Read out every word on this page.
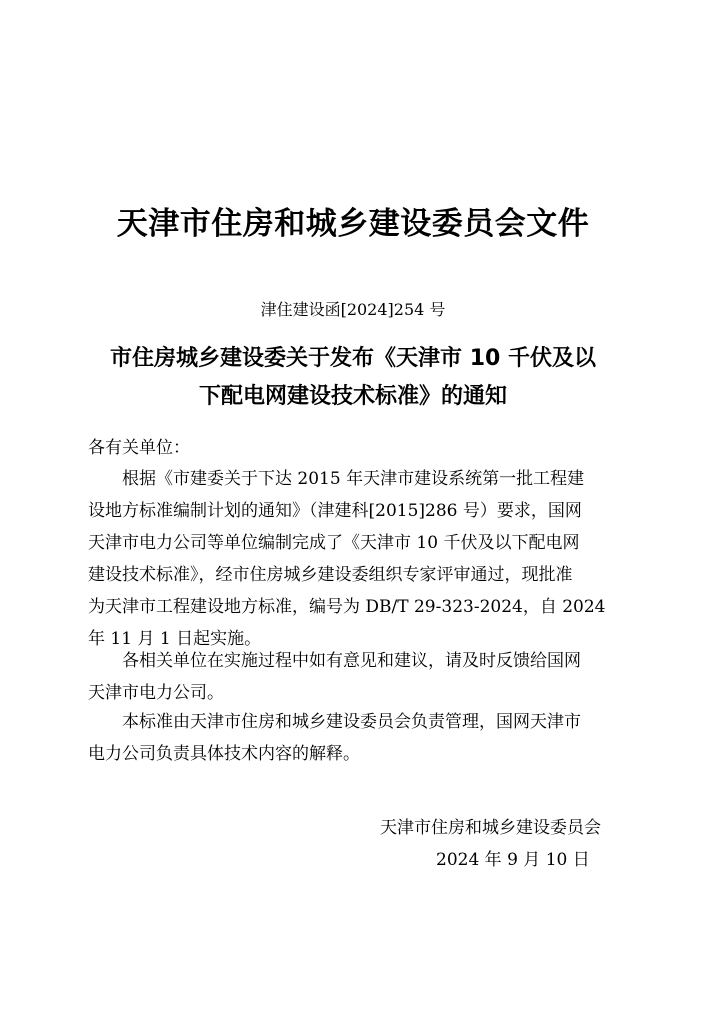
天津市住房和城乡建设委员会文件
津住建设函[2024]254 号
市住房城乡建设委关于发布《天津市 10 千伏及以
下配电网建设技术标准》的通知
各有关单位：
根据《市建委关于下达 2015 年天津市建设系统第一批工程建
设地方标准编制计划的通知》（津建科[2015]286 号）要求，国网
天津市电力公司等单位编制完成了《天津市 10 千伏及以下配电网
建设技术标准》，经市住房城乡建设委组织专家评审通过，现批准
为天津市工程建设地方标准，编号为 DB/T 29-323-2024，自 2024
年 11 月 1 日起实施。
各相关单位在实施过程中如有意见和建议，请及时反馈给国网
天津市电力公司。
本标准由天津市住房和城乡建设委员会负责管理，国网天津市
电力公司负责具体技术内容的解释。
天津市住房和城乡建设委员会
2024 年 9 月 10 日
